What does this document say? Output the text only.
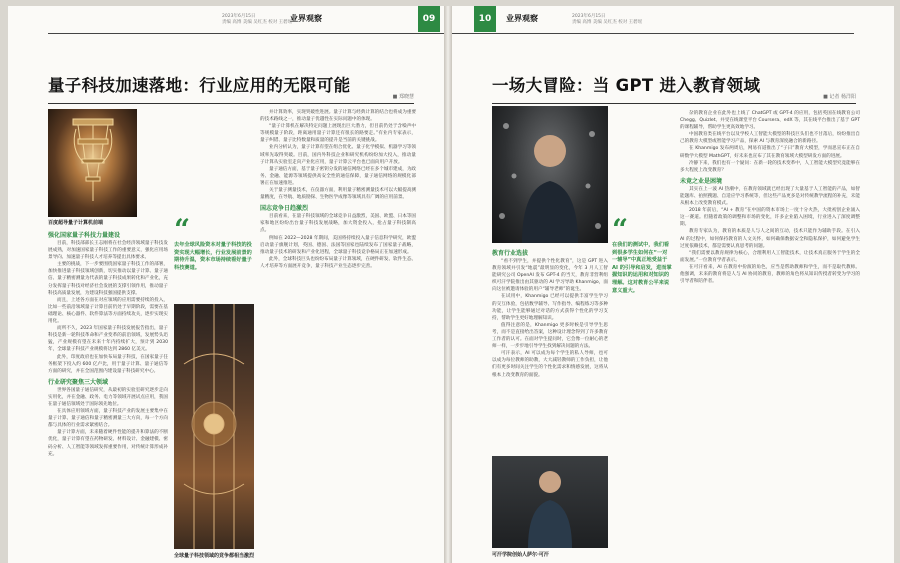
2023年6月15日
责编 高博 美编 吴红杰 校对 王碧瑶
业界观察	09
量子科技加速落地：行业应用的无限可能
■ 郑晓慧
百度超导量子计算机前端	“
去年全球风险资本对量子科技的投资实现大幅增长，行业发展前景的期待升温，资本市场持续看好量子科技赛道。

强化国家量子科技力量建设

目前，科技部部长王志刚将在社会经济领域量子科技发展成熟，对加速国家量子科技工作的重要意义，强化应用场景导向、加速量子科技人才培养等提出具体要求。

主要的挑战，下一步要围绕国家量子科技工作的部署，加快推进量子科技领域创新，切实推动以量子计算、量子通信、量子精密测量为代表的量子科技成果转化和产业化，充分发挥量子科技对经济社会发展的支撑引领作用，推动量子科技高质量发展，为建设科技强国提供支撑。

而且，上述各方面在对应领域的应用需要持续的投入，比如一些前沿领域量子计算目前仍处于早期阶段，需要在基础理论、核心器件、软件算法等方面持续攻关，逐步实现实用化。

而所不久，2023 年国家量子科技发展报告指出，量子科技是新一轮科技革命和产业变革的前沿领域，发展势头迅猛，产业规模有望在未来十年内持续扩大，预计到 2030 年，全球量子科技产业规模将达到 2860 亿美元。

此外，印度政府也在加快布局量子科技，在国家量子任务框架下投入约 600 亿卢比，用于量子计算、量子通信等方面的研究，并在全国范围内建设量子科技研究中心。

行业研究聚焦三大领域

世界各国量子通信研究，从最初的实验室研究逐步走向实用化，并在金融、政务、电力等领域开展试点应用，我国在量子通信领域处于国际领先地位。

在具体应用领域方面，量子科技产业的发展主要集中在量子计算、量子通信和量子精密测量三大方向，每一个方向都与具体的行业需求紧密结合。

量子计算方面，未来随着硬件性能的提升和算法的不断优化，量子计算有望在药物研发、材料设计、金融建模、密码分析、人工智能等领域发挥重要作用，对传统计算形成补充。

并计算效率，实现突破性进展。量子计算与经典计算的结合也将成为重要的技术路线之一，推动量子优越性在实际问题中的体现。

“量子计算机在解决特定问题上展现出巨大潜力，但目前仍处于含噪声中等规模量子阶段，距离通用量子计算还有很长的路要走。”有业内专家表示，量子纠错、量子比特数量和质量的提升是当前的关键挑战。

业内分析认为，量子计算有望在组合优化、量子化学模拟、机器学习等领域率先取得突破。目前，国内外科技企业和研究机构纷纷加大投入，推动量子计算从实验室走向产业化应用，量子计算云平台也已面向用户开放。

量子通信方面，基于量子密钥分发的通信网络已经在多个城市建成，为政务、金融、能源等领域提供高安全性的通信保障，量子通信网络的规模化部署正在加速推进。

关于量子测量技术，在仪器方面，利用量子精密测量技术可以大幅提高测量精度，在导航、地质勘探、生物医学成像等领域具有广阔的应用前景。

国志竞争日趋激烈

目前看来，在量子科技领域的全球竞争日益激烈，美国、欧盟、日本等国家和地区纷纷出台量子科技发展战略，加大资金投入，抢占量子科技制高点。

例如在 2022—2028 年期间，美国将持续投入量子信息科学研究，欧盟启动量子旗舰计划，英国、德国、法国等国家也陆续发布了国家量子战略，推动量子技术的研发和产业化进程，全球量子科技竞争格局正在加速形成。

此外，全球科技巨头也纷纷布局量子计算领域，在硬件研发、软件生态、人才培养等方面展开竞争，量子科技产业生态逐步完善。

全球量子科技领域的竞争都相当激烈
10	业界观察	2023年6月15日
责编 高博 美编 吴红杰 校对 王碧瑶
一场大冒险：当 GPT 进入教育领域
■ 记者 杨洋阳

教育行业选拔

“看不到学生，并提供个性化教育”，这是 GPT 进入教育领域并引发“地震”最明显的变化，今年 3 月人工智能研究公司 OpenAI 发布 GPT-4 的当天，教育非营利组织可汗学院推出由其驱动的 AI 学习导助 Khanmigo，面向这位被邀请体验的用户“辅导老师”的诞生。

在试用中，Khanmigo 已经可以提供丰富学生学习的交互体验，包括数学辅导、写作指导、编程练习等多种功能，让学生能够通过对话的方式获得个性化的学习支持，帮助学生更好地理解知识。

值得注意的是，Khanmigo 更多时候是引导学生思考，而不是直接给出答案，这种设计理念得到了许多教育工作者的认可。在面对学生提问时，它会像一位耐心的老师一样，一步步地引导学生找到解决问题的方法。

可汗表示，AI 可以成为每个学生的私人导师，也可以成为每位教师的助教，大大减轻教师的工作负担，让他们有更多时间关注学生的个性化需求和情感发展，这将从根本上改变教育的面貌。

“
在我们的测试中，我们看到很多学生如何在“一对一辅导”中真正地受益于 AI 的引导和启发，进而掌握知识的运用和对知识的理解。这对教育公平来说意义重大。
可汗学院创始人萨尔·可汗

杂的教育企业在此外也上线了 ChatGPT 或 GPT-4 的应用，包括英国在线教育公司 Chegg、Quizlet、并受在线课堂平台 Coursera、edX 等，其在线平台推出了基于 GPT 的课程辅导，帮助学生更高效地学习。

中国教育类在线平台以及学校人工智能大模型的科技巨头们也不甘落后，纷纷推出自己的教育大模型或智能学习产品，探索 AI 与教育深度融合的新路径。

在 Khanmigo 发布两周后，网易有道推出了“子曰”教育大模型，学而思宣布正在自研数学大模型 MathGPT，好未来也宣布了其在教育领域大模型研发方面的进展。

冷静下来，我们也有一个疑问：在新一轮的技术变革中，人工智能大模型究竟能够在多大程度上改变教育？

未竟之业是困境

其实在上一波 AI 热潮中，在教育领域就已经出现了大量基于人工智能的产品，如智能题库、拍照搜题、自适应学习系统等，但这些产品更多是对传统教学流程的补充，未能从根本上改变教育模式。

2018 年前后，“AI + 教育”在中国的资本市场上一度十分火热，大批初创企业涌入这一赛道。但随着政策的调整和市场的变化，许多企业陷入困境，行业进入了深度调整期。

教育专家认为，教育的本质是人与人之间的互动，技术只能作为辅助手段。在引入 AI 的过程中，如何保持教育的人文关怀，如何确保数据安全和隐私保护，如何避免学生过度依赖技术，都是需要认真思考的问题。

“我们需要以教育规律为核心，合理利用人工智能技术，让技术真正服务于学生的全面发展。”一位教育学者表示。

在可汗看来，AI 在教育中扮演的角色，应当是帮助教师和学生，而不是取代教师。他强调，未来的教育将是人与 AI 协同的教育，教师的角色将从知识传授者转变为学习的引导者和陪伴者。
